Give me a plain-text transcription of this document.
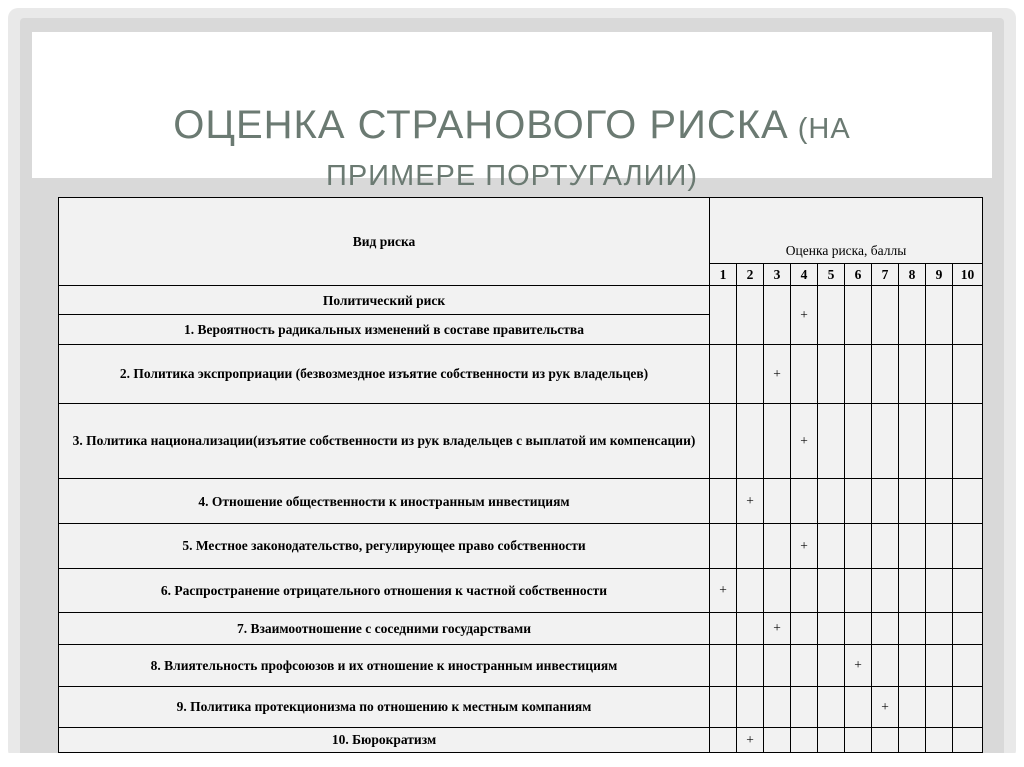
ОЦЕНКА СТРАНОВОГО РИСКА (НА
ПРИМЕРЕ ПОРТУГАЛИИ)
Вид риска	Оценка риска, баллы									
	1	2	3	4	5	6	7	8	9	10
Политический риск				+						
1. Вероятность радикальных изменений в составе правительства										
2. Политика экспроприации (безвозмездное изъятие собственности из рук владельцев)			+							
3. Политика национализации(изъятие собственности из рук владельцев с выплатой им компенсации)				+						
4. Отношение общественности к иностранным инвестициям		+								
5. Местное законодательство, регулирующее право собственности				+						
6. Распространение отрицательного отношения к частной собственности	+									
7. Взаимоотношение с соседними государствами			+							
8. Влиятельность профсоюзов и их отношение к иностранным инвестициям						+				
9. Политика протекционизма по отношению к местным компаниям							+			
10. Бюрократизм		+								
